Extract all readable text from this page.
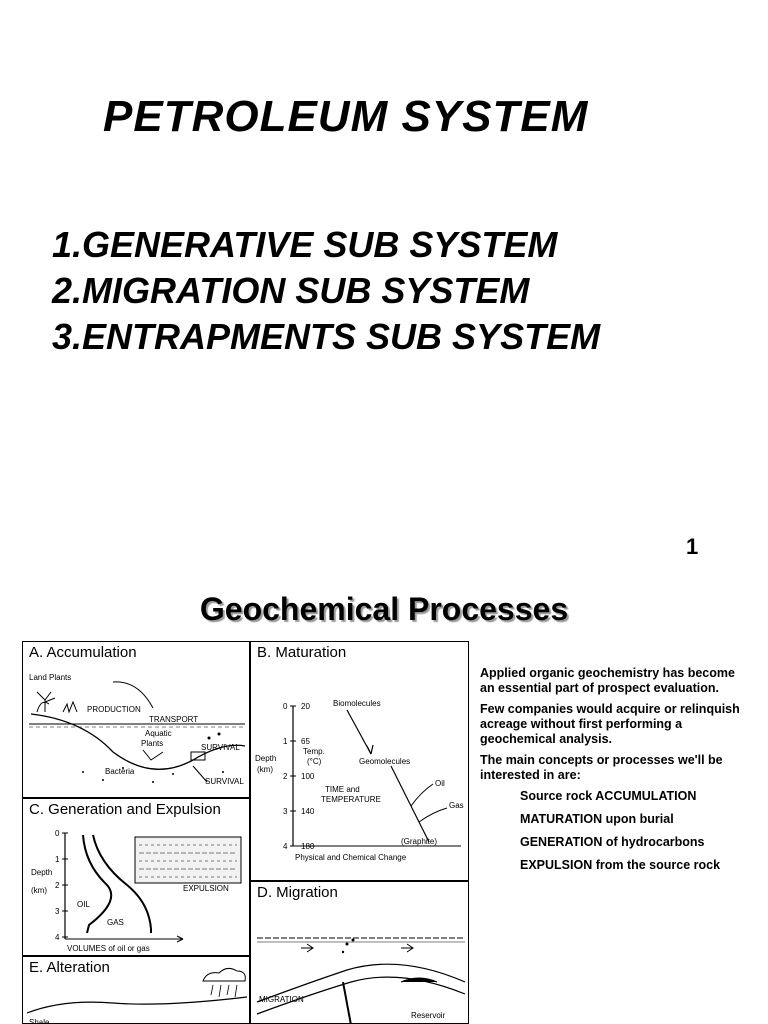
PETROLEUM SYSTEM
1.GENERATIVE SUB SYSTEM
2.MIGRATION SUB SYSTEM
3.ENTRAPMENTS SUB SYSTEM
1
Geochemical Processes
Land Plants
PRODUCTION
TRANSPORT
Aquatic
Plants	SURVIVAL
Bacteria
SURVIVAL
A. Accumulation
0
1
2
3
4
20
65
100
140
180
Depth
(km)
Temp.
(°C)
Biomolecules
Geomolecules
Oil
Gas
(Graphite)
TIME and
TEMPERATURE
Physical and Chemical Change
B. Maturation
0
1
2
3
4
Depth
(km)
OIL
GAS
EXPULSION
VOLUMES of oil or gas
C. Generation and Expulsion
MIGRATION
Reservoir
D. Migration
Shale
E. Alteration

Applied organic geochemistry has become an essential part of prospect evaluation.

Few companies would acquire or relinquish acreage without first performing a geochemical analysis.

The main concepts or processes we'll be interested in are:

Source rock ACCUMULATION
MATURATION upon burial
GENERATION of hydrocarbons
EXPULSION from the source rock
